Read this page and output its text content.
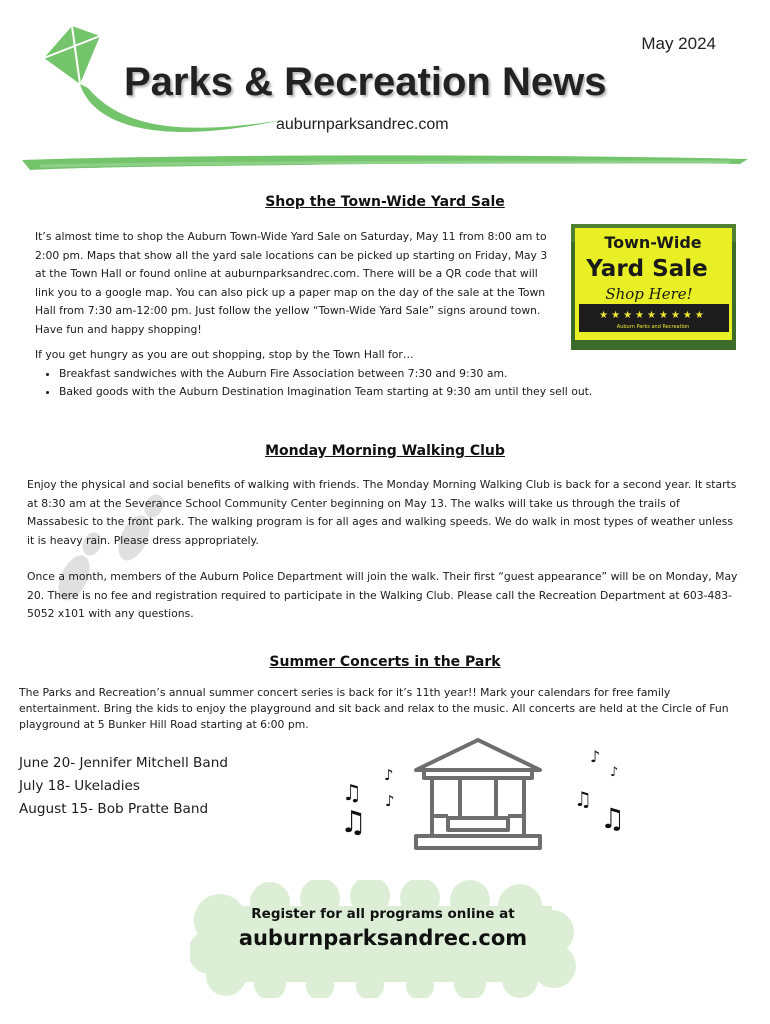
May 2024
Parks & Recreation News
auburnparksandrec.com
Shop the Town-Wide Yard Sale

It’s almost time to shop the Auburn Town-Wide Yard Sale on Saturday, May 11 from 8:00 am to 2:00 pm. Maps that show all the yard sale locations can be picked up starting on Friday, May 3 at the Town Hall or found online at auburnparksandrec.com. There will be a QR code that will link you to a google map. You can also pick up a paper map on the day of the sale at the Town Hall from 7:30 am-12:00 pm. Just follow the yellow “Town-Wide Yard Sale” signs around town. Have fun and happy shopping!

If you get hungry as you are out shopping, stop by the Town Hall for…

• Breakfast sandwiches with the Auburn Fire Association between 7:30 and 9:30 am.
• Baked goods with the Auburn Destination Imagination Team starting at 9:30 am until they sell out.
Town-Wide
Yard Sale
Shop Here!
★★★★★★★★★
Auburn Parks and Recreation
Monday Morning Walking Club

Enjoy the physical and social benefits of walking with friends. The Monday Morning Walking Club is back for a second year. It starts at 8:30 am at the Severance School Community Center beginning on May 13. The walks will take us through the trails of Massabesic to the front park. The walking program is for all ages and walking speeds. We do walk in most types of weather unless it is heavy rain. Please dress appropriately.

Once a month, members of the Auburn Police Department will join the walk. Their first “guest appearance” will be on Monday, May 20. There is no fee and registration required to participate in the Walking Club. Please call the Recreation Department at 603-483-5052 x101 with any questions.

Summer Concerts in the Park

The Parks and Recreation’s annual summer concert series is back for it’s 11th year!! Mark your calendars for free family entertainment. Bring the kids to enjoy the playground and sit back and relax to the music. All concerts are held at the Circle of Fun playground at 5 Bunker Hill Road starting at 6:00 pm.

June 20- Jennifer Mitchell Band
July 18- Ukeladies
August 15- Bob Pratte Band
♫
♫
♪
♪
♪
♪
♫
♫
Register for all programs online at
auburnparksandrec.com
